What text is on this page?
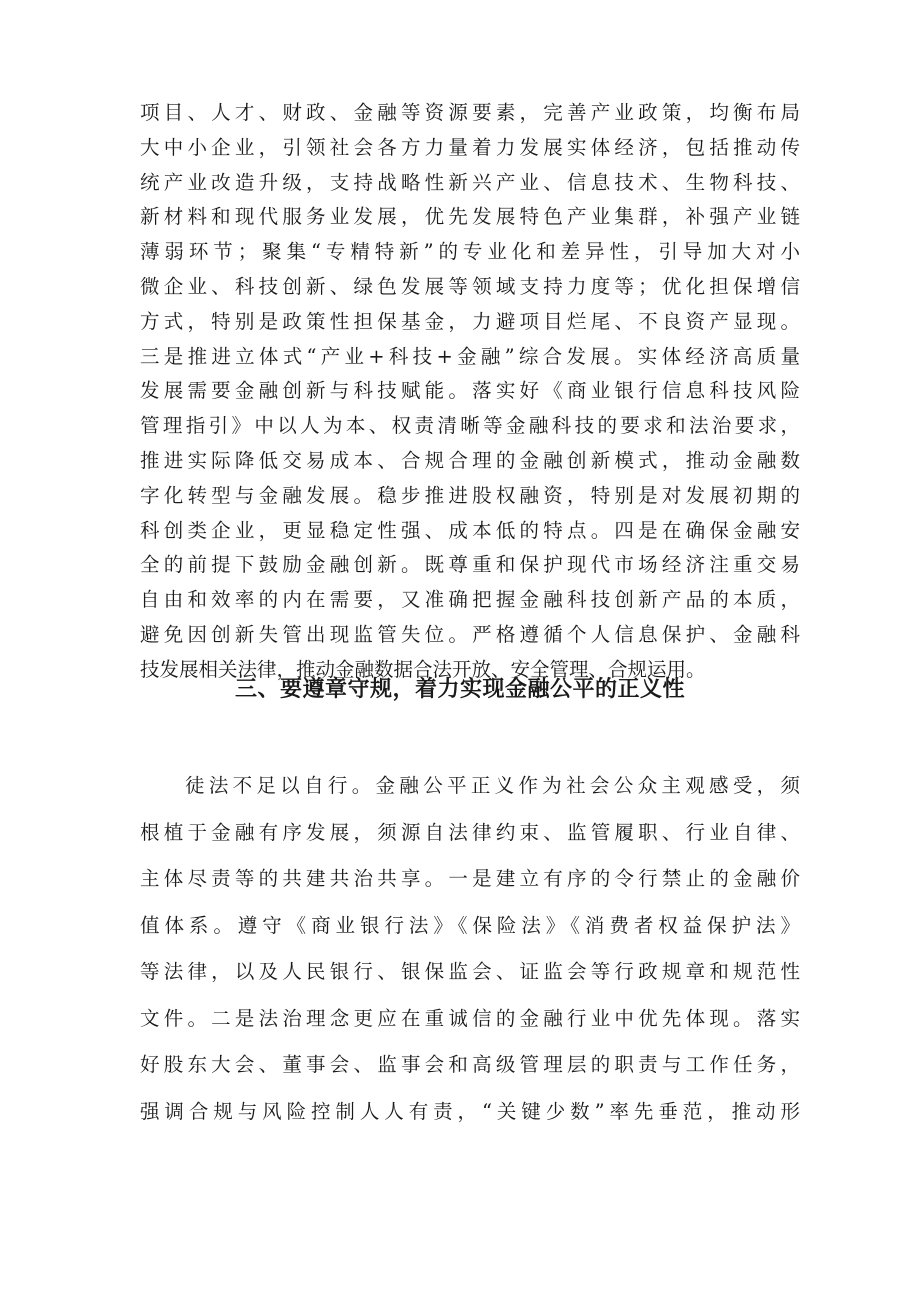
项目、人才、财政、金融等资源要素，完善产业政策，均衡布局
大中小企业，引领社会各方力量着力发展实体经济，包括推动传
统产业改造升级，支持战略性新兴产业、信息技术、生物科技、
新材料和现代服务业发展，优先发展特色产业集群，补强产业链
薄弱环节；聚集“专精特新”的专业化和差异性，引导加大对小
微企业、科技创新、绿色发展等领域支持力度等；优化担保增信
方式，特别是政策性担保基金，力避项目烂尾、不良资产显现。
三是推进立体式“产业+科技+金融”综合发展。实体经济高质量
发展需要金融创新与科技赋能。落实好《商业银行信息科技风险
管理指引》中以人为本、权责清晰等金融科技的要求和法治要求，
推进实际降低交易成本、合规合理的金融创新模式，推动金融数
字化转型与金融发展。稳步推进股权融资，特别是对发展初期的
科创类企业，更显稳定性强、成本低的特点。四是在确保金融安
全的前提下鼓励金融创新。既尊重和保护现代市场经济注重交易
自由和效率的内在需要，又准确把握金融科技创新产品的本质，
避免因创新失管出现监管失位。严格遵循个人信息保护、金融科
技发展相关法律，推动金融数据合法开放、安全管理、合规运用。
三、要遵章守规，着力实现金融公平的正义性
徒法不足以自行。金融公平正义作为社会公众主观感受，须
根植于金融有序发展，须源自法律约束、监管履职、行业自律、
主体尽责等的共建共治共享。一是建立有序的令行禁止的金融价
值体系。遵守《商业银行法》《保险法》《消费者权益保护法》
等法律，以及人民银行、银保监会、证监会等行政规章和规范性
文件。二是法治理念更应在重诚信的金融行业中优先体现。落实
好股东大会、董事会、监事会和高级管理层的职责与工作任务，
强调合规与风险控制人人有责，“关键少数”率先垂范，推动形
